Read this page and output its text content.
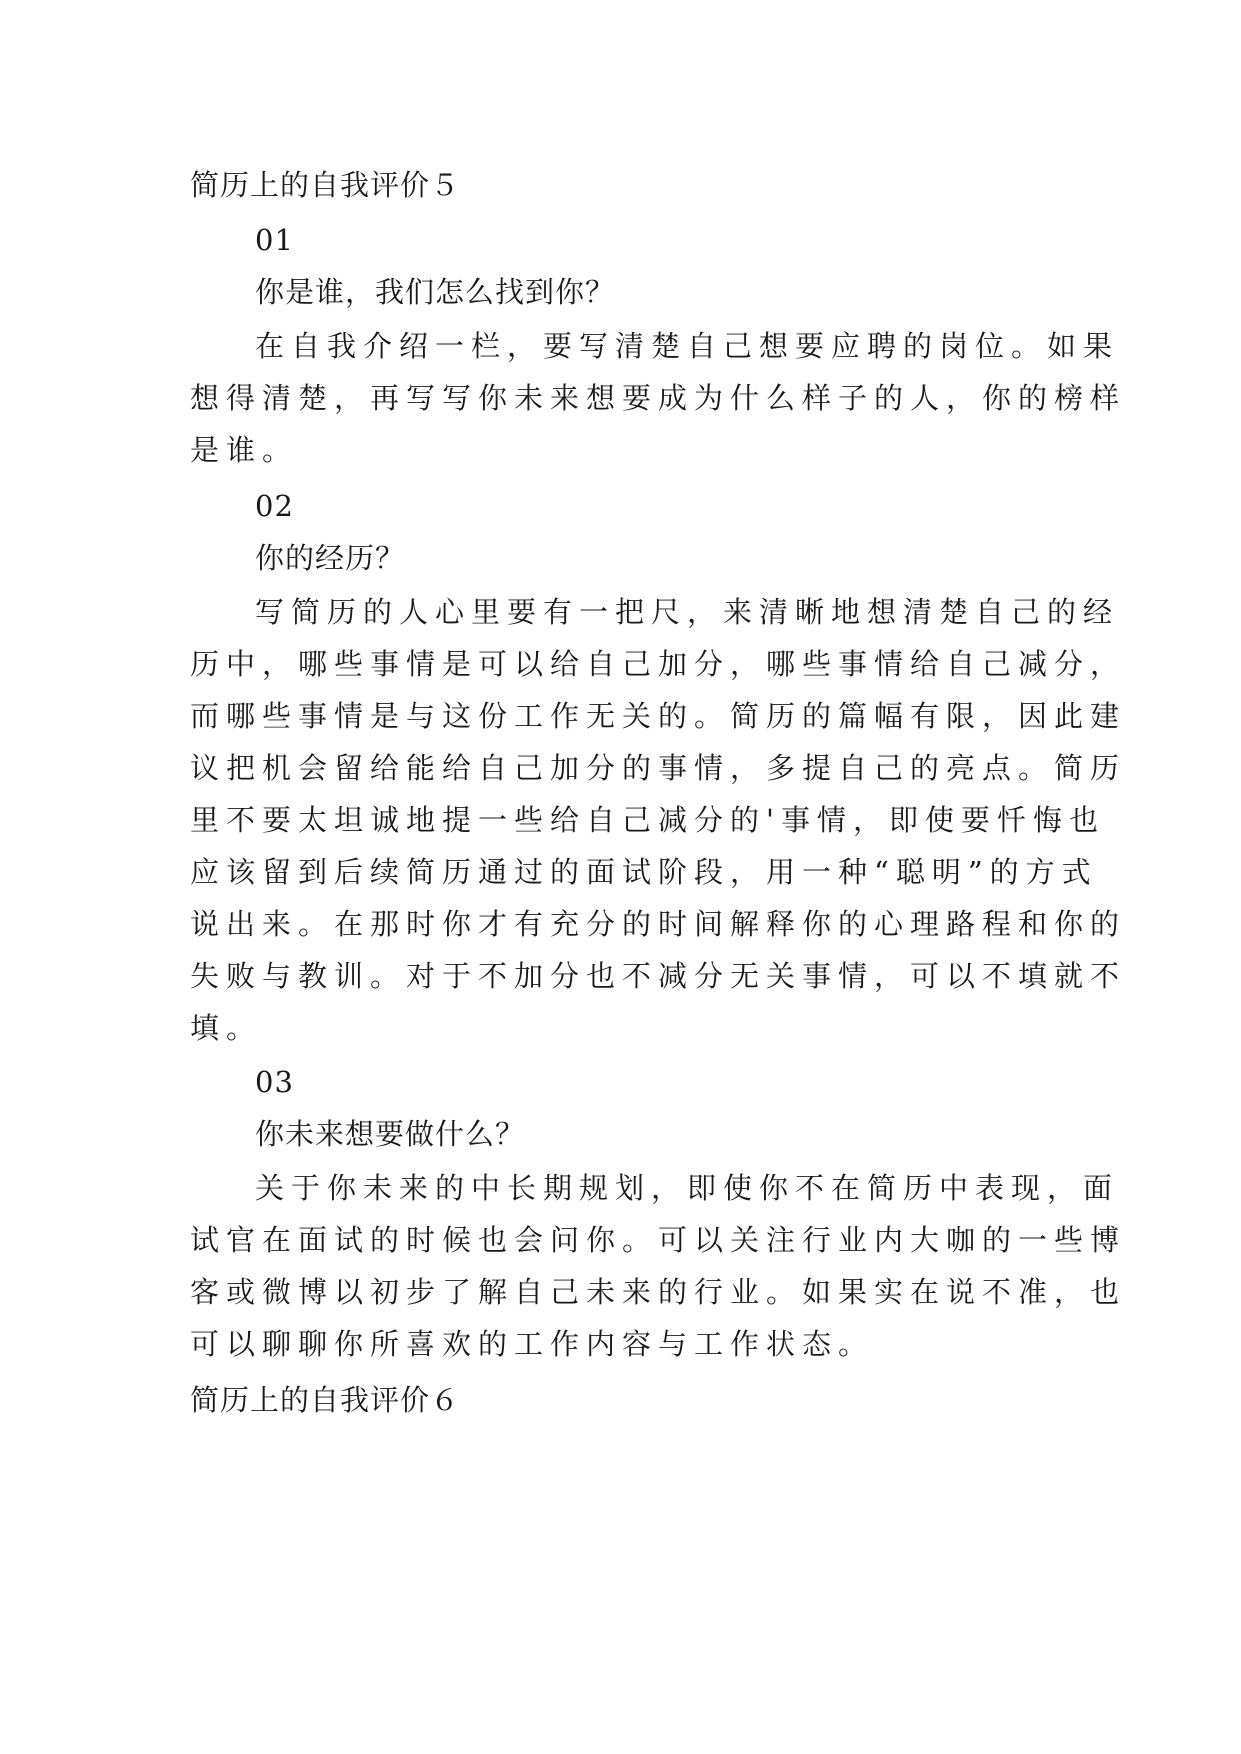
简历上的自我评价５
01
你是谁，我们怎么找到你？
在自我介绍一栏，要写清楚自己想要应聘的岗位。如果
想得清楚，再写写你未来想要成为什么样子的人，你的榜样
是谁。
02
你的经历？
写简历的人心里要有一把尺，来清晰地想清楚自己的经
历中，哪些事情是可以给自己加分，哪些事情给自己减分，
而哪些事情是与这份工作无关的。简历的篇幅有限，因此建
议把机会留给能给自己加分的事情，多提自己的亮点。简历
里不要太坦诚地提一些给自己减分的'事情，即使要忏悔也
应该留到后续简历通过的面试阶段，用一种“聪明”的方式
说出来。在那时你才有充分的时间解释你的心理路程和你的
失败与教训。对于不加分也不减分无关事情，可以不填就不
填。
03
你未来想要做什么？
关于你未来的中长期规划，即使你不在简历中表现，面
试官在面试的时候也会问你。可以关注行业内大咖的一些博
客或微博以初步了解自己未来的行业。如果实在说不准，也
可以聊聊你所喜欢的工作内容与工作状态。
简历上的自我评价６
